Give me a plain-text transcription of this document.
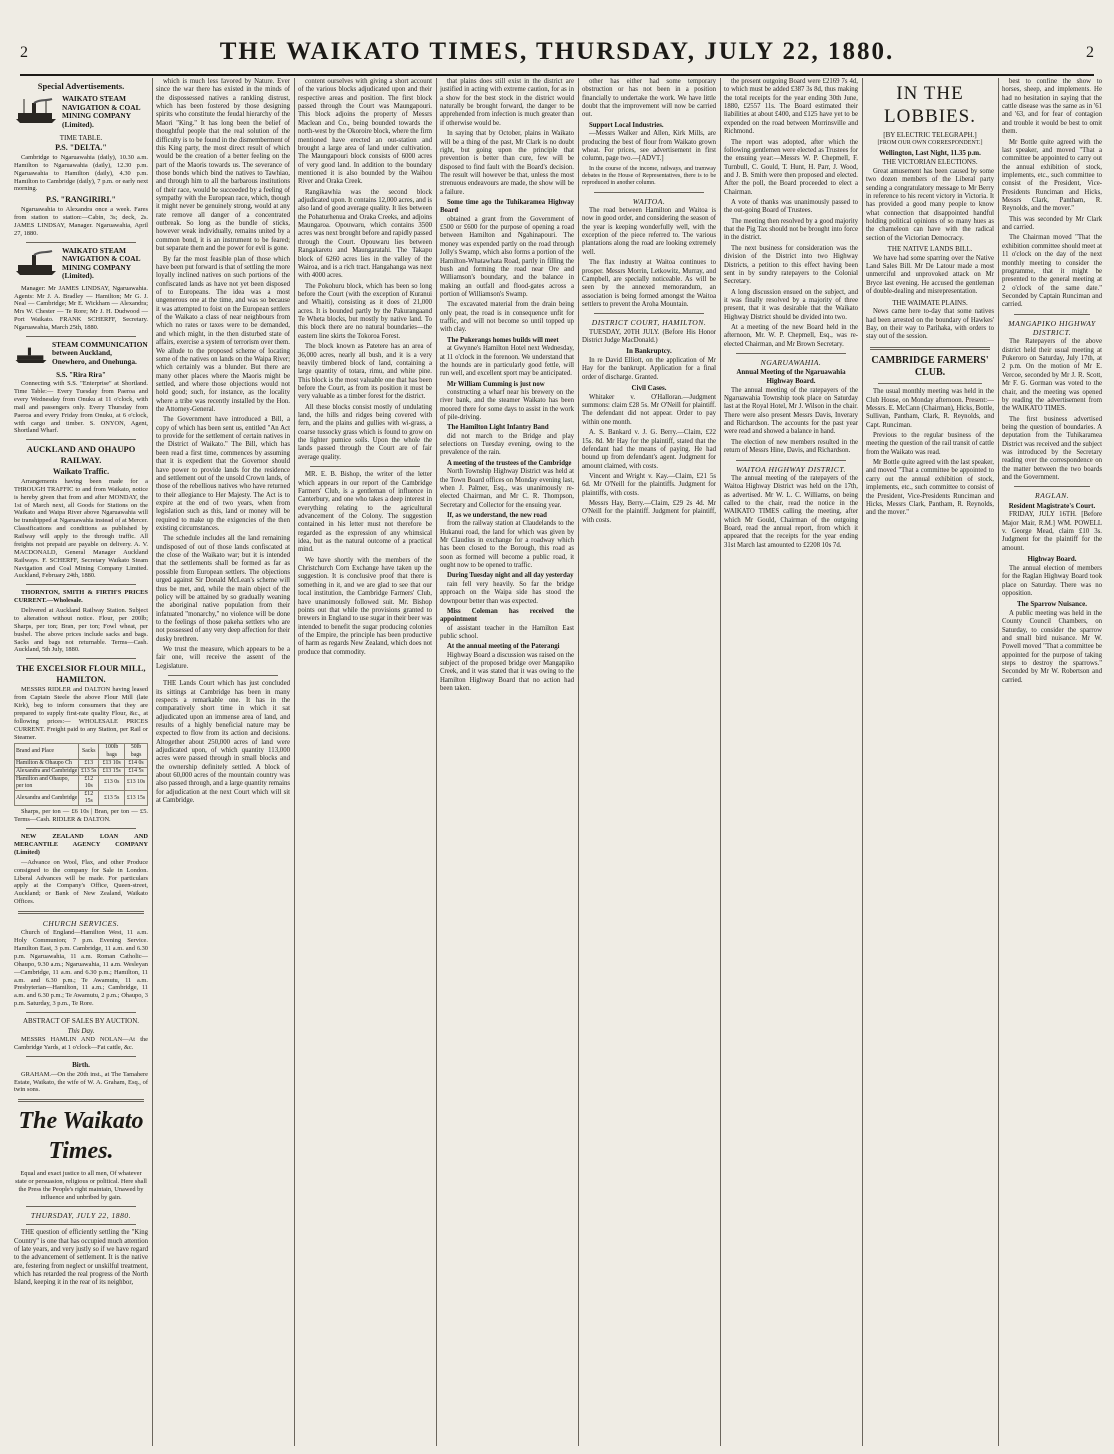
2	THE WAIKATO TIMES, THURSDAY, JULY 22, 1880.	2
Special Advertisements.
WAIKATO STEAM NAVIGATION & COAL MINING COMPANY (Limited).
TIME TABLE.
P.S. "DELTA."

Cambridge to Ngaruawahia (daily), 10.30 a.m. Hamilton to Ngaruawahia (daily), 12.30 p.m. Ngaruawahia to Hamilton (daily), 4.30 p.m. Hamilton to Cambridge (daily), 7 p.m. or early next morning.

P.S. "RANGIRIRI."

Ngaruawahia to Alexandra once a week. Fares from station to station:—Cabin, 3s; deck, 2s. JAMES LINDSAY, Manager. Ngaruawahia, April 27, 1880.

WAIKATO STEAM NAVIGATION & COAL MINING COMPANY (Limited).

Manager: Mr JAMES LINDSAY, Ngaruawahia. Agents: Mr J. A. Bradley — Hamilton; Mr G. J. Neal — Cambridge; Mr E. Wickham — Alexandra; Mrs W. Chester — Te Rore; Mr J. H. Dudwood — Port Waikato. FRANK SCHERFF, Secretary. Ngaruawahia, March 25th, 1880.

STEAM COMMUNICATION between Auckland, Onewhero, and Onehunga.
S.S. "Rira Rira"

Connecting with S.S. "Enterprise" at Shortland. Time Table:— Every Tuesday from Paeroa and every Wednesday from Onuku at 11 o'clock, with mail and passengers only. Every Thursday from Paeroa and every Friday from Onuku, at 6 o'clock, with cargo and timber. S. ONYON, Agent, Shortland Wharf.

AUCKLAND AND OHAUPO RAILWAY.
Waikato Traffic.

Arrangements having been made for a THROUGH TRAFFIC to and from Waikato, notice is hereby given that from and after MONDAY, the 1st of March next, all Goods for Stations on the Waikato and Waipa River above Ngaruawahia will be transhipped at Ngaruawahia instead of at Mercer. Classifications and conditions as published by Railway will apply to the through traffic. All freights not prepaid are payable on delivery. A. V. MACDONALD, General Manager Auckland Railways. F. SCHERFF, Secretary Waikato Steam Navigation and Coal Mining Company Limited. Auckland, February 24th, 1880.

THORNTON, SMITH & FIRTH'S PRICES CURRENT.—Wholesale.

Delivered at Auckland Railway Station. Subject to alteration without notice. Flour, per 200lb; Sharps, per ton; Bran, per ton; Fowl wheat, per bushel. The above prices include sacks and bags. Sacks and bags not returnable. Terms—Cash. Auckland, 5th July, 1880.

THE EXCELSIOR FLOUR MILL, HAMILTON.

MESSRS RIDLER and DALTON having leased from Captain Steele the above Flour Mill (late Kirk), beg to inform consumers that they are prepared to supply first-rate quality Flour, &c., at following prices:— WHOLESALE PRICES CURRENT. Freight paid to any Station, per Rail or Steamer.

Brand and Place	Sacks	100lb bags	50lb bags
Hamilton & Ohaupo Ch	£13	£13 10s	£14 0s
Alexandra and Cambridge	£13 5s	£13 15s	£14 5s
Hamilton and Ohaupo, per ton	£12 10s	£13 0s	£13 10s
Alexandra and Cambridge	£12 15s	£13 5s	£13 15s

Sharps, per ton — £6 10s | Bran, per ton — £5. Terms—Cash. RIDLER & DALTON.

NEW ZEALAND LOAN AND MERCANTILE AGENCY COMPANY (Limited)

—Advance on Wool, Flax, and other Produce consigned to the company for Sale in London. Liberal Advances will be made. For particulars apply at the Company's Office, Queen-street, Auckland; or Bank of New Zealand, Waikato Offices.

CHURCH SERVICES.

Church of England—Hamilton West, 11 a.m. Holy Communion; 7 p.m. Evening Service. Hamilton East, 3 p.m. Cambridge, 11 a.m. and 6.30 p.m. Ngaruawahia, 11 a.m. Roman Catholic—Ohaupo, 9.30 a.m.; Ngaruawahia, 11 a.m. Wesleyan—Cambridge, 11 a.m. and 6.30 p.m.; Hamilton, 11 a.m. and 6.30 p.m.; Te Awamutu, 11 a.m. Presbyterian—Hamilton, 11 a.m.; Cambridge, 11 a.m. and 6.30 p.m.; Te Awamutu, 2 p.m.; Ohaupo, 3 p.m. Saturday, 3 p.m., Te Rore.

ABSTRACT OF SALES BY AUCTION.
This Day.

MESSRS HAMLIN AND NOLAN—At the Cambridge Yards, at 1 o'clock—Fat cattle, &c.

Birth.

GRAHAM.—On the 20th inst., at The Tamahere Estate, Waikato, the wife of W. A. Graham, Esq., of twin sons.

The Waikato Times.

Equal and exact justice to all men, Of whatever state or persuasion, religious or political. Here shall the Press the People's right maintain, Unawed by influence and unbribed by gain.

THURSDAY, JULY 22, 1880.

THE question of efficiently settling the "King Country" is one that has occupied much attention of late years, and very justly so if we have regard to the advancement of settlement. It is the native are, festering from neglect or unskilful treatment, which has retarded the real progress of the North Island, keeping it in the rear of its neighbor,

which is much less favored by Nature. Ever since the war there has existed in the minds of the dispossessed natives a rankling distrust, which has been fostered by those designing spirits who constitute the feudal hierarchy of the Maori "King." It has long been the belief of thoughtful people that the real solution of the difficulty is to be found in the dismemberment of this King party, the most direct result of which would be the creation of a better feeling on the part of the Maoris towards us. The severance of those bonds which bind the natives to Tawhiao, and through him to all the barbarous institutions of their race, would be succeeded by a feeling of sympathy with the European race, which, though it might never be genuinely strong, would at any rate remove all danger of a concentrated outbreak. So long as the bundle of sticks, however weak individually, remains united by a common bond, it is an instrument to be feared; but separate them and the power for evil is gone.

By far the most feasible plan of those which have been put forward is that of settling the more loyally inclined natives on such portions of the confiscated lands as have not yet been disposed of to Europeans. The idea was a most ungenerous one at the time, and was so because it was attempted to foist on the European settlers of the Waikato a class of near neighbours from which no rates or taxes were to be demanded, and which might, in the then disturbed state of affairs, exercise a system of terrorism over them. We allude to the proposed scheme of locating some of the natives on lands on the Waipa River; which certainly was a blunder. But there are many other places where the Maoris might be settled, and where those objections would not hold good; such, for instance, as the locality where a tribe was recently installed by the Hon. the Attorney-General.

The Government have introduced a Bill, a copy of which has been sent us, entitled "An Act to provide for the settlement of certain natives in the District of Waikato." The Bill, which has been read a first time, commences by assuming that it is expedient that the Governor should have power to provide lands for the residence and settlement out of the unsold Crown lands, of those of the rebellious natives who have returned to their allegiance to Her Majesty. The Act is to expire at the end of two years, when from legislation such as this, land or money will be required to make up the exigencies of the then existing circumstances.

The schedule includes all the land remaining undisposed of out of those lands confiscated at the close of the Waikato war; but it is intended that the settlements shall be formed as far as possible from European settlers. The objections urged against Sir Donald McLean's scheme will thus be met, and, while the main object of the policy will be attained by so gradually weaning the aboriginal native population from their infatuated "monarchy," no violence will be done to the feelings of those pakeha settlers who are not possessed of any very deep affection for their dusky brethren.

We trust the measure, which appears to be a fair one, will receive the assent of the Legislature.

THE Lands Court which has just concluded its sittings at Cambridge has been in many respects a remarkable one. It has in the comparatively short time in which it sat adjudicated upon an immense area of land, and results of a highly beneficial nature may be expected to flow from its action and decisions. Altogether about 250,000 acres of land were adjudicated upon, of which quantity 113,000 acres were passed through in small blocks and the ownership definitely settled. A block of about 60,000 acres of the mountain country was also passed through, and a large quantity remains for adjudication at the next Court which will sit at Cambridge.

content ourselves with giving a short account of the various blocks adjudicated upon and their respective areas and position. The first block passed through the Court was Maungapouri. This block adjoins the property of Messrs Maclean and Co., being bounded towards the north-west by the Okoroire block, where the firm mentioned have erected an out-station and brought a large area of land under cultivation. The Maungapouri block consists of 6000 acres of very good land. In addition to the boundary mentioned it is also bounded by the Waihou River and Oraka Creek.

Rangikawhia was the second block adjudicated upon. It contains 12,000 acres, and is also land of good average quality. It lies between the Pohaturhenua and Oraka Creeks, and adjoins Maungaroa. Opouwaru, which contains 3500 acres was next brought before and rapidly passed through the Court. Opouwaru lies between Rangakaretu and Maungaratahi. The Takapu block of 6260 acres lies in the valley of the Wairoa, and is a rich tract. Hangahanga was next with 4000 acres.

The Pokohuru block, which has been so long before the Court (with the exception of Kuranui and Whaiti), consisting as it does of 21,000 acres. It is bounded partly by the Pakurangaand Te Wheta blocks, but mostly by native land. To this block there are no natural boundaries—the eastern line skirts the Tokoroa Forest.

The block known as Patetere has an area of 36,000 acres, nearly all bush, and it is a very heavily timbered block of land, containing a large quantity of totara, rimu, and white pine. This block is the most valuable one that has been before the Court, as from its position it must be very valuable as a timber forest for the district.

All these blocks consist mostly of undulating land, the hills and ridges being covered with fern, and the plains and gullies with wi-grass, a coarse tussocky grass which is found to grow on the lighter pumice soils. Upon the whole the lands passed through the Court are of fair average quality.

MR. E. B. Bishop, the writer of the letter which appears in our report of the Cambridge Farmers' Club, is a gentleman of influence in Canterbury, and one who takes a deep interest in everything relating to the agricultural advancement of the Colony. The suggestion contained in his letter must not therefore be regarded as the expression of any whimsical idea, but as the natural outcome of a practical mind.

We have shortly with the members of the Christchurch Corn Exchange have taken up the suggestion. It is conclusive proof that there is something in it, and we are glad to see that our local institution, the Cambridge Farmers' Club, have unanimously followed suit. Mr. Bishop points out that while the provisions granted to brewers in England to use sugar in their beer was intended to benefit the sugar producing colonies of the Empire, the principle has been productive of harm as regards New Zealand, which does not produce that commodity.

that plains does still exist in the district are justified in acting with extreme caution, for as in a show for the best stock in the district would naturally be brought forward, the danger to be apprehended from infection is much greater than if otherwise would be.

In saying that by October, plains in Waikato will be a thing of the past, Mr Clark is no doubt right, but going upon the principle that prevention is better than cure, few will be disposed to find fault with the Board's decision. The result will however be that, unless the most strenuous endeavours are made, the show will be a failure.

Some time ago the Tuhikaramea Highway Board

obtained a grant from the Government of £500 or £600 for the purpose of opening a road between Hamilton and Ngahinapouri. The money was expended partly on the road through Jolly's Swamp, which also forms a portion of the Hamilton-Whatawhata Road, partly in filling the bush and forming the road near Ore and Williamson's boundary, and the balance in making an outfall and flood-gates across a portion of Williamson's Swamp.

The excavated material from the drain being only peat, the road is in consequence unfit for traffic, and will not become so until topped up with clay.

The Pukerangs homes builds will meet

at Gwynne's Hamilton Hotel next Wednesday, at 11 o'clock in the forenoon. We understand that the hounds are in particularly good fettle, will run well, and excellent sport may be anticipated.

Mr William Cumming is just now

constructing a wharf near his brewery on the river bank, and the steamer Waikato has been moored there for some days to assist in the work of pile-driving.

The Hamilton Light Infantry Band

did not march to the Bridge and play selections on Tuesday evening, owing to the prevalence of the rain.

A meeting of the trustees of the Cambridge

North Township Highway District was held at the Town Board offices on Monday evening last, when J. Palmer, Esq., was unanimously re-elected Chairman, and Mr C. R. Thompson, Secretary and Collector for the ensuing year.

If, as we understand, the new road

from the railway station at Claudelands to the Hukanui road, the land for which was given by Mr Claudius in exchange for a roadway which has been closed to the Borough, this road as soon as formed will become a public road, it ought now to be opened to traffic.

During Tuesday night and all day yesterday

rain fell very heavily. So far the bridge approach on the Waipa side has stood the downpour better than was expected.

Miss Coleman has received the appointment

of assistant teacher in the Hamilton East public school.

At the annual meeting of the Paterangi

Highway Board a discussion was raised on the subject of the proposed bridge over Mangapiko Creek, and it was stated that it was owing to the Hamilton Highway Board that no action had been taken.

other has either had some temporary obstruction or has not been in a position financially to undertake the work. We have little doubt that the improvement will now be carried out.

Support Local Industries.

—Messrs Walker and Allen, Kirk Mills, are producing the best of flour from Waikato grown wheat. For prices, see advertisement in first column, page two.—[ADVT.]

In the course of the income, railways, and tramway debates in the House of Representatives, there is to be reproduced in another column.

WAITOA.

The road between Hamilton and Waitoa is now in good order, and considering the season of the year is keeping wonderfully well, with the exception of the piece referred to. The various plantations along the road are looking extremely well.

The flax industry at Waitoa continues to prosper. Messrs Morrin, Letkowitz, Murray, and Campbell, are specially noticeable. As will be seen by the annexed memorandum, an association is being formed amongst the Waitoa settlers to prevent the Aroha Mountain.

DISTRICT COURT, HAMILTON.

TUESDAY, 20TH JULY. (Before His Honor District Judge MacDonald.)

In Bankruptcy.

In re David Elliott, on the application of Mr Hay for the bankrupt. Application for a final order of discharge. Granted.

Civil Cases.

Whitaker v. O'Halloran.—Judgment summons: claim £28 5s. Mr O'Neill for plaintiff. The defendant did not appear. Order to pay within one month.

A. S. Bankard v. J. G. Berry.—Claim, £22 15s. 8d. Mr Hay for the plaintiff, stated that the defendant had the means of paying. He had bound up from defendant's agent. Judgment for amount claimed, with costs.

Vincent and Wright v. Kay.—Claim, £21 5s 6d. Mr O'Neill for the plaintiffs. Judgment for plaintiffs, with costs.

Messrs Hay, Berry.—Claim, £29 2s 4d. Mr O'Neill for the plaintiff. Judgment for plaintiff, with costs.

the present outgoing Board were £2169 7s 4d, to which must be added £387 3s 8d, thus making the total receipts for the year ending 30th June, 1880, £2557 11s. The Board estimated their liabilities at about £400, and £125 have yet to be expended on the road between Morrinsville and Richmond.

The report was adopted, after which the following gentlemen were elected as Trustees for the ensuing year:—Messrs W. P. Chepmell, F. Turnbull, C. Gould, T. Hunt, H. Parr, J. Wood, and J. B. Smith were then proposed and elected. After the poll, the Board proceeded to elect a Chairman.

A vote of thanks was unanimously passed to the out-going Board of Trustees.

The meeting then resolved by a good majority that the Pig Tax should not be brought into force in the district.

The next business for consideration was the division of the District into two Highway Districts, a petition to this effect having been sent in by sundry ratepayers to the Colonial Secretary.

A long discussion ensued on the subject, and it was finally resolved by a majority of three present, that it was desirable that the Waikato Highway District should be divided into two.

At a meeting of the new Board held in the afternoon, Mr. W. P. Chepmell, Esq., was re-elected Chairman, and Mr Brown Secretary.

NGARUAWAHIA.
Annual Meeting of the Ngaruawahia Highway Board.

The annual meeting of the ratepayers of the Ngaruawahia Township took place on Saturday last at the Royal Hotel, Mr J. Wilson in the chair. There were also present Messrs Davis, Inverary and Richardson. The accounts for the past year were read and showed a balance in hand.

The election of new members resulted in the return of Messrs Hine, Davis, and Richardson.

WAITOA HIGHWAY DISTRICT.

The annual meeting of the ratepayers of the Waitoa Highway District was held on the 17th, as advertised. Mr W. L. C. Williams, on being called to the chair, read the notice in the WAIKATO TIMES calling the meeting, after which Mr Gould, Chairman of the outgoing Board, read the annual report, from which it appeared that the receipts for the year ending 31st March last amounted to £2208 10s 7d.

IN THE LOBBIES.
[BY ELECTRIC TELEGRAPH.]
[FROM OUR OWN CORRESPONDENT.]
Wellington, Last Night, 11.35 p.m.
THE VICTORIAN ELECTIONS.

Great amusement has been caused by some two dozen members of the Liberal party sending a congratulatory message to Mr Berry in reference to his recent victory in Victoria. It has provided a good many people to know what connection that disappointed handful holding political opinions of so many hues as the chameleon can have with the radical section of the Victorian Democracy.

THE NATIVE LANDS BILL.

We have had some sparring over the Native Land Sales Bill. Mr De Latour made a most unmerciful and unprovoked attack on Mr Bryce last evening. He accused the gentleman of double-dealing and misrepresentation.

THE WAIMATE PLAINS.

News came here to-day that some natives had been arrested on the boundary of Hawkes' Bay, on their way to Parihaka, with orders to stay out of the session.

CAMBRIDGE FARMERS' CLUB.

The usual monthly meeting was held in the Club House, on Monday afternoon. Present:—Messrs. E. McCann (Chairman), Hicks, Bottle, Sullivan, Pantham, Clark, R. Reynolds, and Capt. Runciman.

Previous to the regular business of the meeting the question of the rail transit of cattle from the Waikato was read.

Mr Bottle quite agreed with the last speaker, and moved "That a committee be appointed to carry out the annual exhibition of stock, implements, etc., such committee to consist of the President, Vice-Presidents Runciman and Hicks, Messrs Clark, Pantham, R. Reynolds, and the mover."

best to confine the show to horses, sheep, and implements. He had no hesitation in saying that the cattle disease was the same as in '61 and '63, and for fear of contagion and trouble it would be best to omit them.

Mr Bottle quite agreed with the last speaker, and moved "That a committee be appointed to carry out the annual exhibition of stock, implements, etc., such committee to consist of the President, Vice-Presidents Runciman and Hicks, Messrs Clark, Pantham, R. Reynolds, and the mover."

This was seconded by Mr Clark and carried.

The Chairman moved "That the exhibition committee should meet at 11 o'clock on the day of the next monthly meeting to consider the programme, that it might be presented to the general meeting at 2 o'clock of the same date." Seconded by Captain Runciman and carried.

MANGAPIKO HIGHWAY DISTRICT.

The Ratepayers of the above district held their usual meeting at Pukeroro on Saturday, July 17th, at 2 p.m. On the motion of Mr E. Vercoe, seconded by Mr J. R. Scott, Mr F. G. Gorman was voted to the chair, and the meeting was opened by reading the advertisement from the WAIKATO TIMES.

The first business advertised being the question of boundaries. A deputation from the Tuhikaramea District was received and the subject was introduced by the Secretary reading over the correspondence on the matter between the two boards and the Government.

RAGLAN.
Resident Magistrate's Court.

FRIDAY, JULY 16TH. [Before Major Mair, R.M.] WM. POWELL v. George Mead, claim £10 3s. Judgment for the plaintiff for the amount.

Highway Board.

The annual election of members for the Raglan Highway Board took place on Saturday. There was no opposition.

The Sparrow Nuisance.

A public meeting was held in the County Council Chambers, on Saturday, to consider the sparrow and small bird nuisance. Mr W. Powell moved "That a committee be appointed for the purpose of taking steps to destroy the sparrows." Seconded by Mr W. Robertson and carried.
